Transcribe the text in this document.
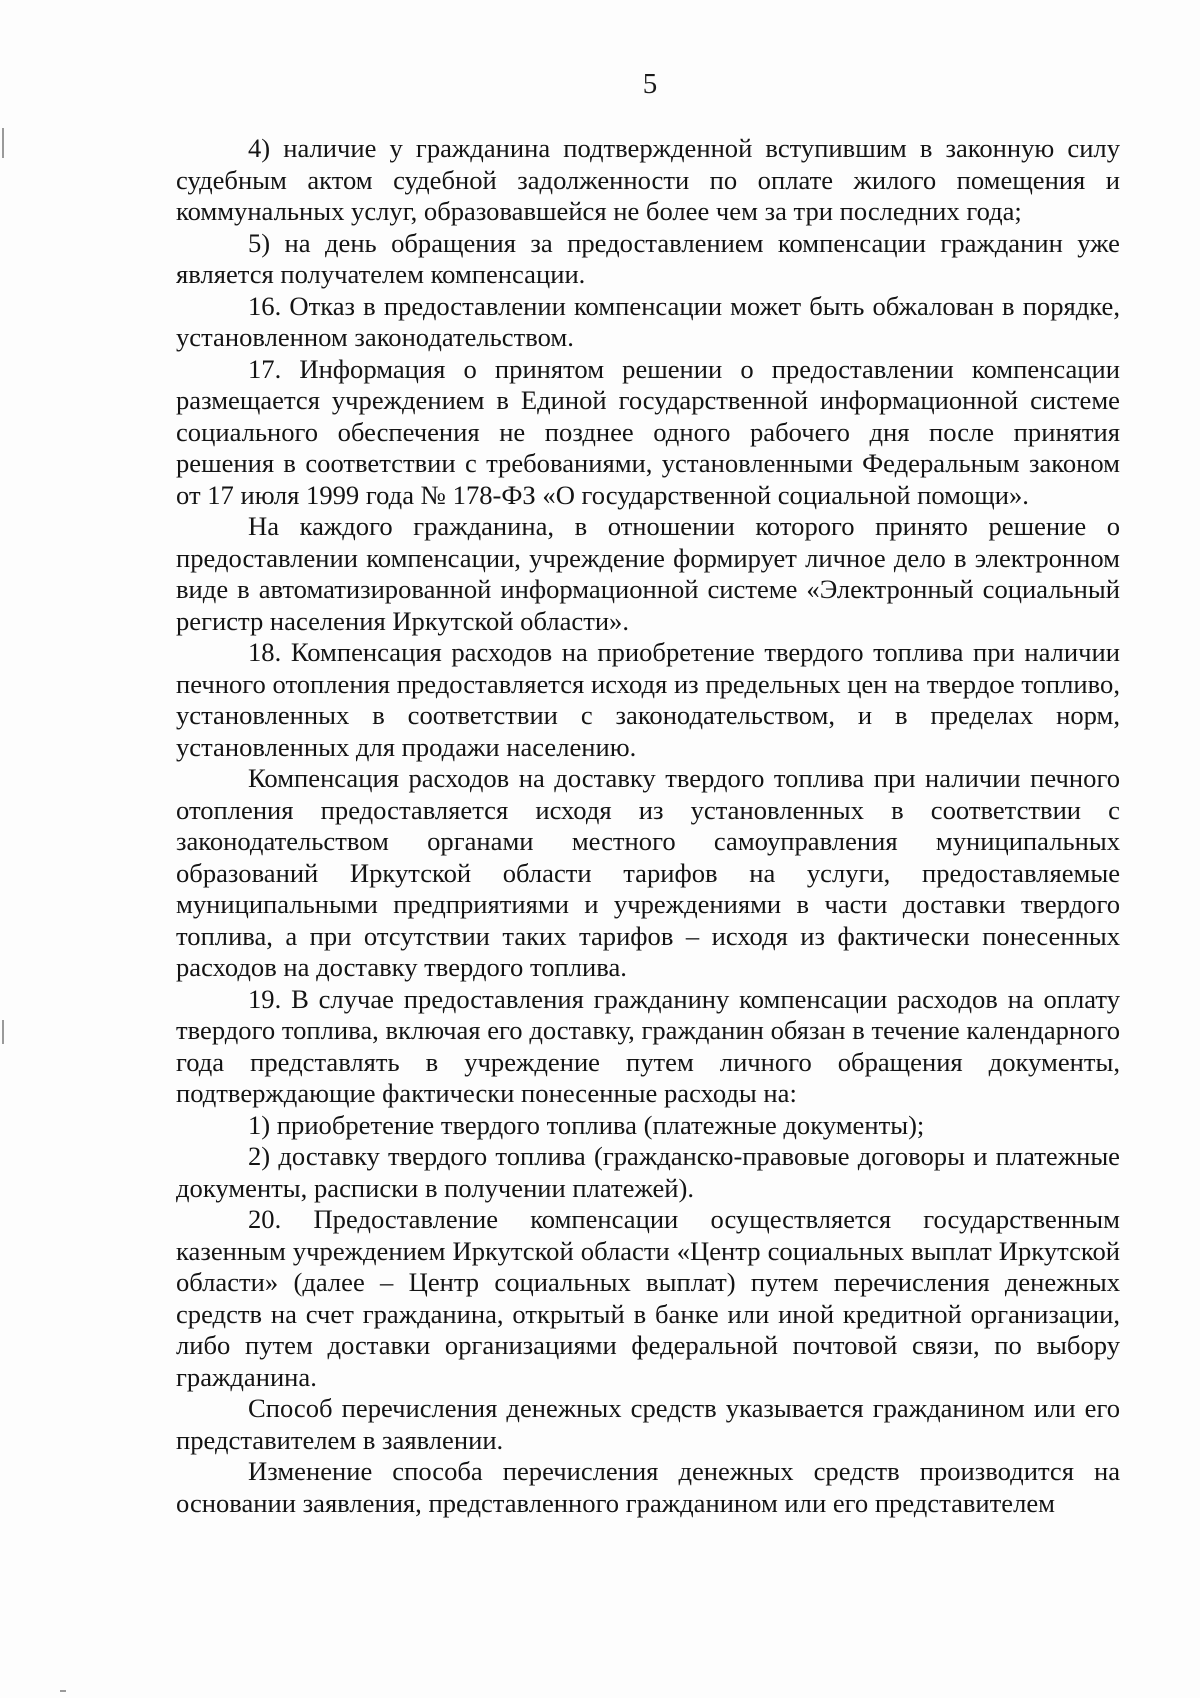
5

4) наличие у гражданина подтвержденной вступившим в законную силу судебным актом судебной задолженности по оплате жилого помещения и коммунальных услуг, образовавшейся не более чем за три последних года;

5) на день обращения за предоставлением компенсации гражданин уже является получателем компенсации.

16. Отказ в предоставлении компенсации может быть обжалован в порядке, установленном законодательством.

17. Информация о принятом решении о предоставлении компенсации размещается учреждением в Единой государственной информационной системе социального обеспечения не позднее одного рабочего дня после принятия решения в соответствии с требованиями, установленными Федеральным законом от 17 июля 1999 года № 178-ФЗ «О государственной социальной помощи».

На каждого гражданина, в отношении которого принято решение о предоставлении компенсации, учреждение формирует личное дело в электронном виде в автоматизированной информационной системе «Электронный социальный регистр населения Иркутской области».

18. Компенсация расходов на приобретение твердого топлива при наличии печного отопления предоставляется исходя из предельных цен на твердое топливо, установленных в соответствии с законодательством, и в пределах норм, установленных для продажи населению.

Компенсация расходов на доставку твердого топлива при наличии печного отопления предоставляется исходя из установленных в соответствии с законодательством органами местного самоуправления муниципальных образований Иркутской области тарифов на услуги, предоставляемые муниципальными предприятиями и учреждениями в части доставки твердого топлива, а при отсутствии таких тарифов – исходя из фактически понесенных расходов на доставку твердого топлива.

19. В случае предоставления гражданину компенсации расходов на оплату твердого топлива, включая его доставку, гражданин обязан в течение календарного года представлять в учреждение путем личного обращения документы, подтверждающие фактически понесенные расходы на:

1) приобретение твердого топлива (платежные документы);

2) доставку твердого топлива (гражданско-правовые договоры и платежные документы, расписки в получении платежей).

20. Предоставление компенсации осуществляется государственным казенным учреждением Иркутской области «Центр социальных выплат Иркутской области» (далее – Центр социальных выплат) путем перечисления денежных средств на счет гражданина, открытый в банке или иной кредитной организации, либо путем доставки организациями федеральной почтовой связи, по выбору гражданина.

Способ перечисления денежных средств указывается гражданином или его представителем в заявлении.

Изменение способа перечисления денежных средств производится на основании заявления, представленного гражданином или его представителем
